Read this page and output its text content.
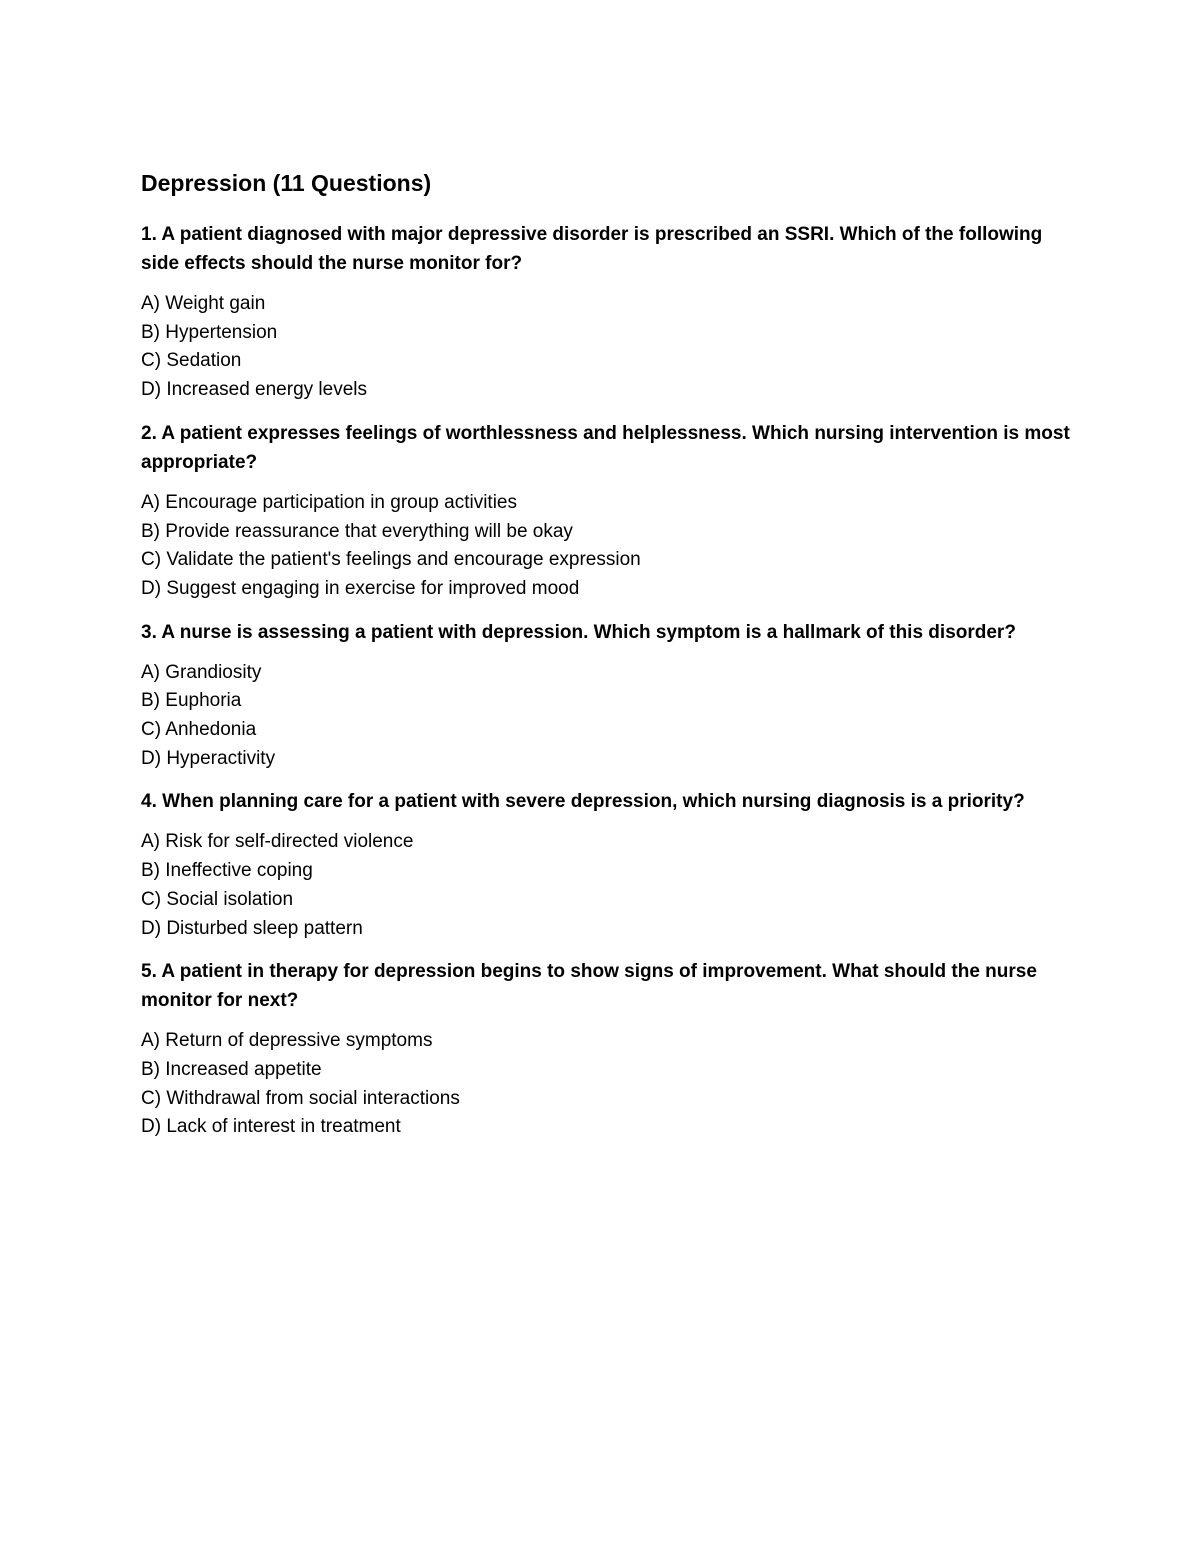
Depression (11 Questions)

1. A patient diagnosed with major depressive disorder is prescribed an SSRI. Which of the following side effects should the nurse monitor for?

A) Weight gain
B) Hypertension
C) Sedation
D) Increased energy levels

2. A patient expresses feelings of worthlessness and helplessness. Which nursing intervention is most appropriate?

A) Encourage participation in group activities
B) Provide reassurance that everything will be okay
C) Validate the patient's feelings and encourage expression
D) Suggest engaging in exercise for improved mood

3. A nurse is assessing a patient with depression. Which symptom is a hallmark of this disorder?

A) Grandiosity
B) Euphoria
C) Anhedonia
D) Hyperactivity

4. When planning care for a patient with severe depression, which nursing diagnosis is a priority?

A) Risk for self-directed violence
B) Ineffective coping
C) Social isolation
D) Disturbed sleep pattern

5. A patient in therapy for depression begins to show signs of improvement. What should the nurse monitor for next?

A) Return of depressive symptoms
B) Increased appetite
C) Withdrawal from social interactions
D) Lack of interest in treatment
